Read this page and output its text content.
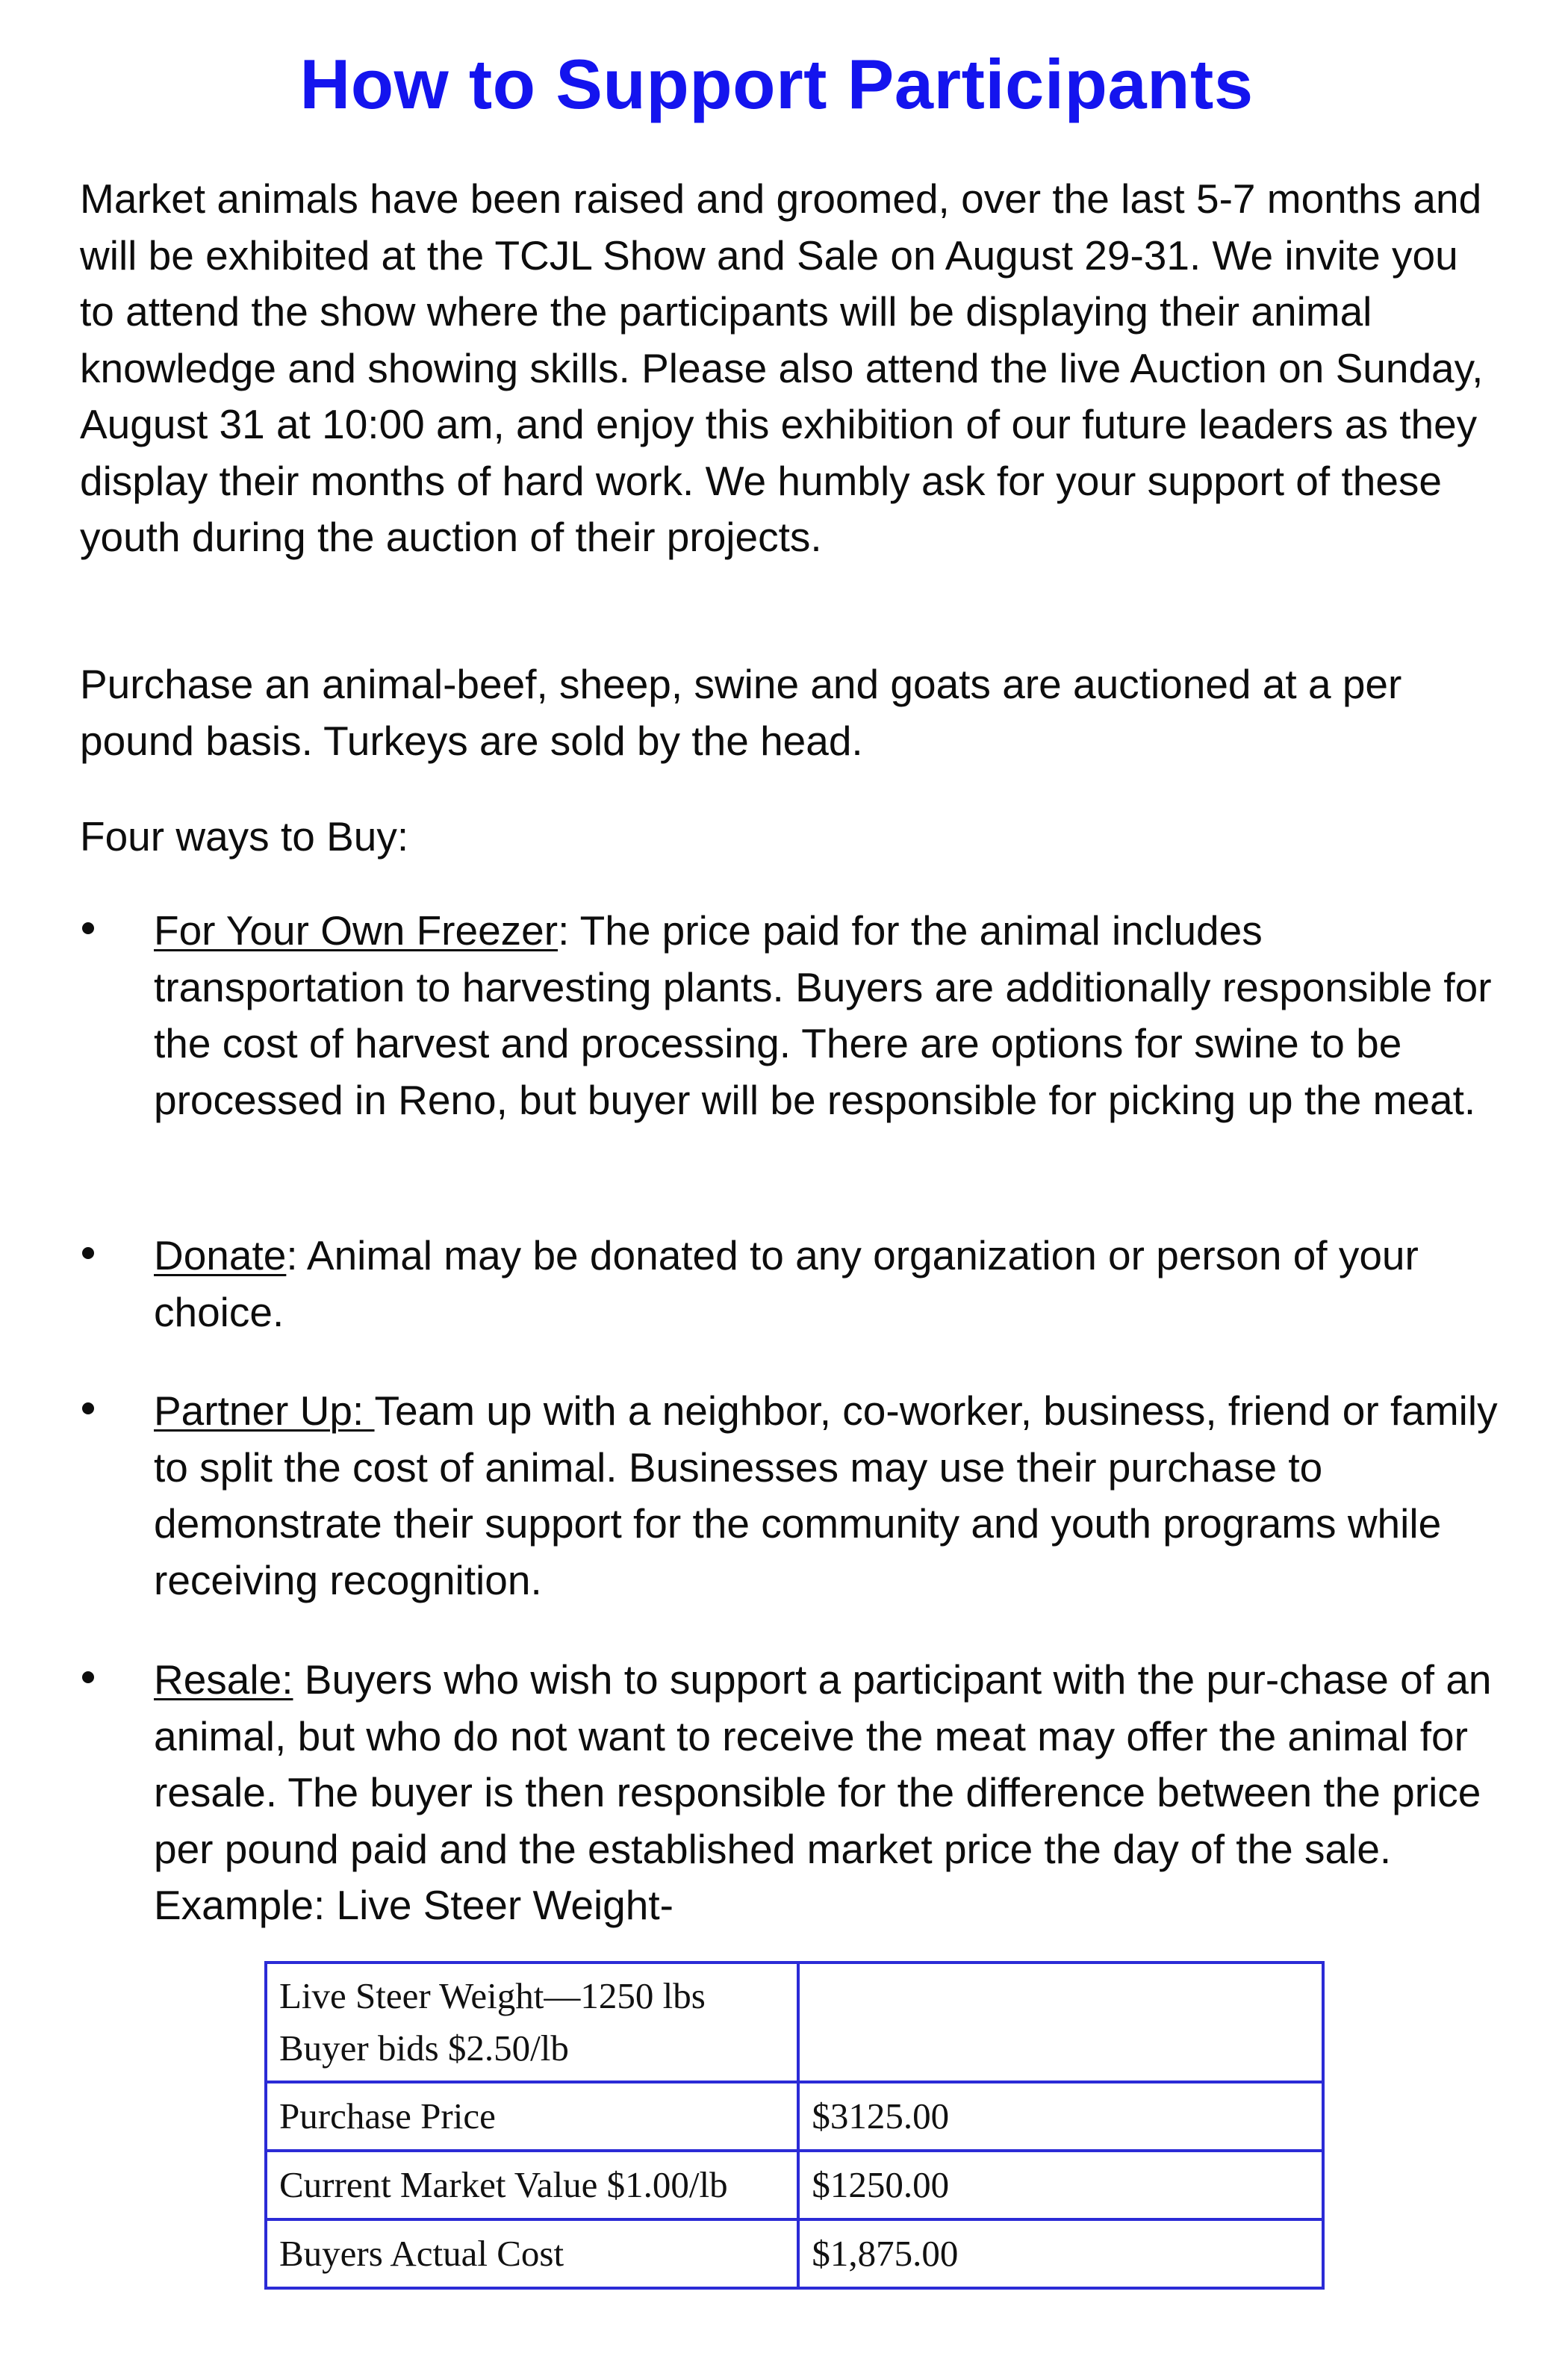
How to Support Participants

Market animals have been raised and groomed, over the last 5-7 months and will be exhibited at the TCJL Show and Sale on August 29-31. We invite you to attend the show where the participants will be displaying their animal knowledge and showing skills. Please also attend the live Auction on Sunday, August 31 at 10:00 am, and enjoy this exhibition of our future leaders as they display their months of hard work. We humbly ask for your support of these youth during the auction of their projects.

Purchase an animal-beef, sheep, swine and goats are auctioned at a per pound basis. Turkeys are sold by the head.

Four ways to Buy:

For Your Own Freezer: The price paid for the animal includes transportation to harvesting plants. Buyers are additionally responsible for the cost of harvest and processing. There are options for swine to be processed in Reno, but buyer will be responsible for picking up the meat.

Donate: Animal may be donated to any organization or person of your choice.

Partner Up: Team up with a neighbor, co-worker, business, friend or family to split the cost of animal. Businesses may use their purchase to demonstrate their support for the community and youth programs while receiving recognition.

Resale: Buyers who wish to support a participant with the pur-chase of an animal, but who do not want to receive the meat may offer the animal for resale. The buyer is then responsible for the difference between the price per pound paid and the established market price the day of the sale. Example: Live Steer Weight-

Live Steer Weight—1250 lbs
Buyer bids $2.50/lb	

Purchase Price	$3125.00
Current Market Value $1.00/lb	$1250.00
Buyers Actual Cost	$1,875.00
